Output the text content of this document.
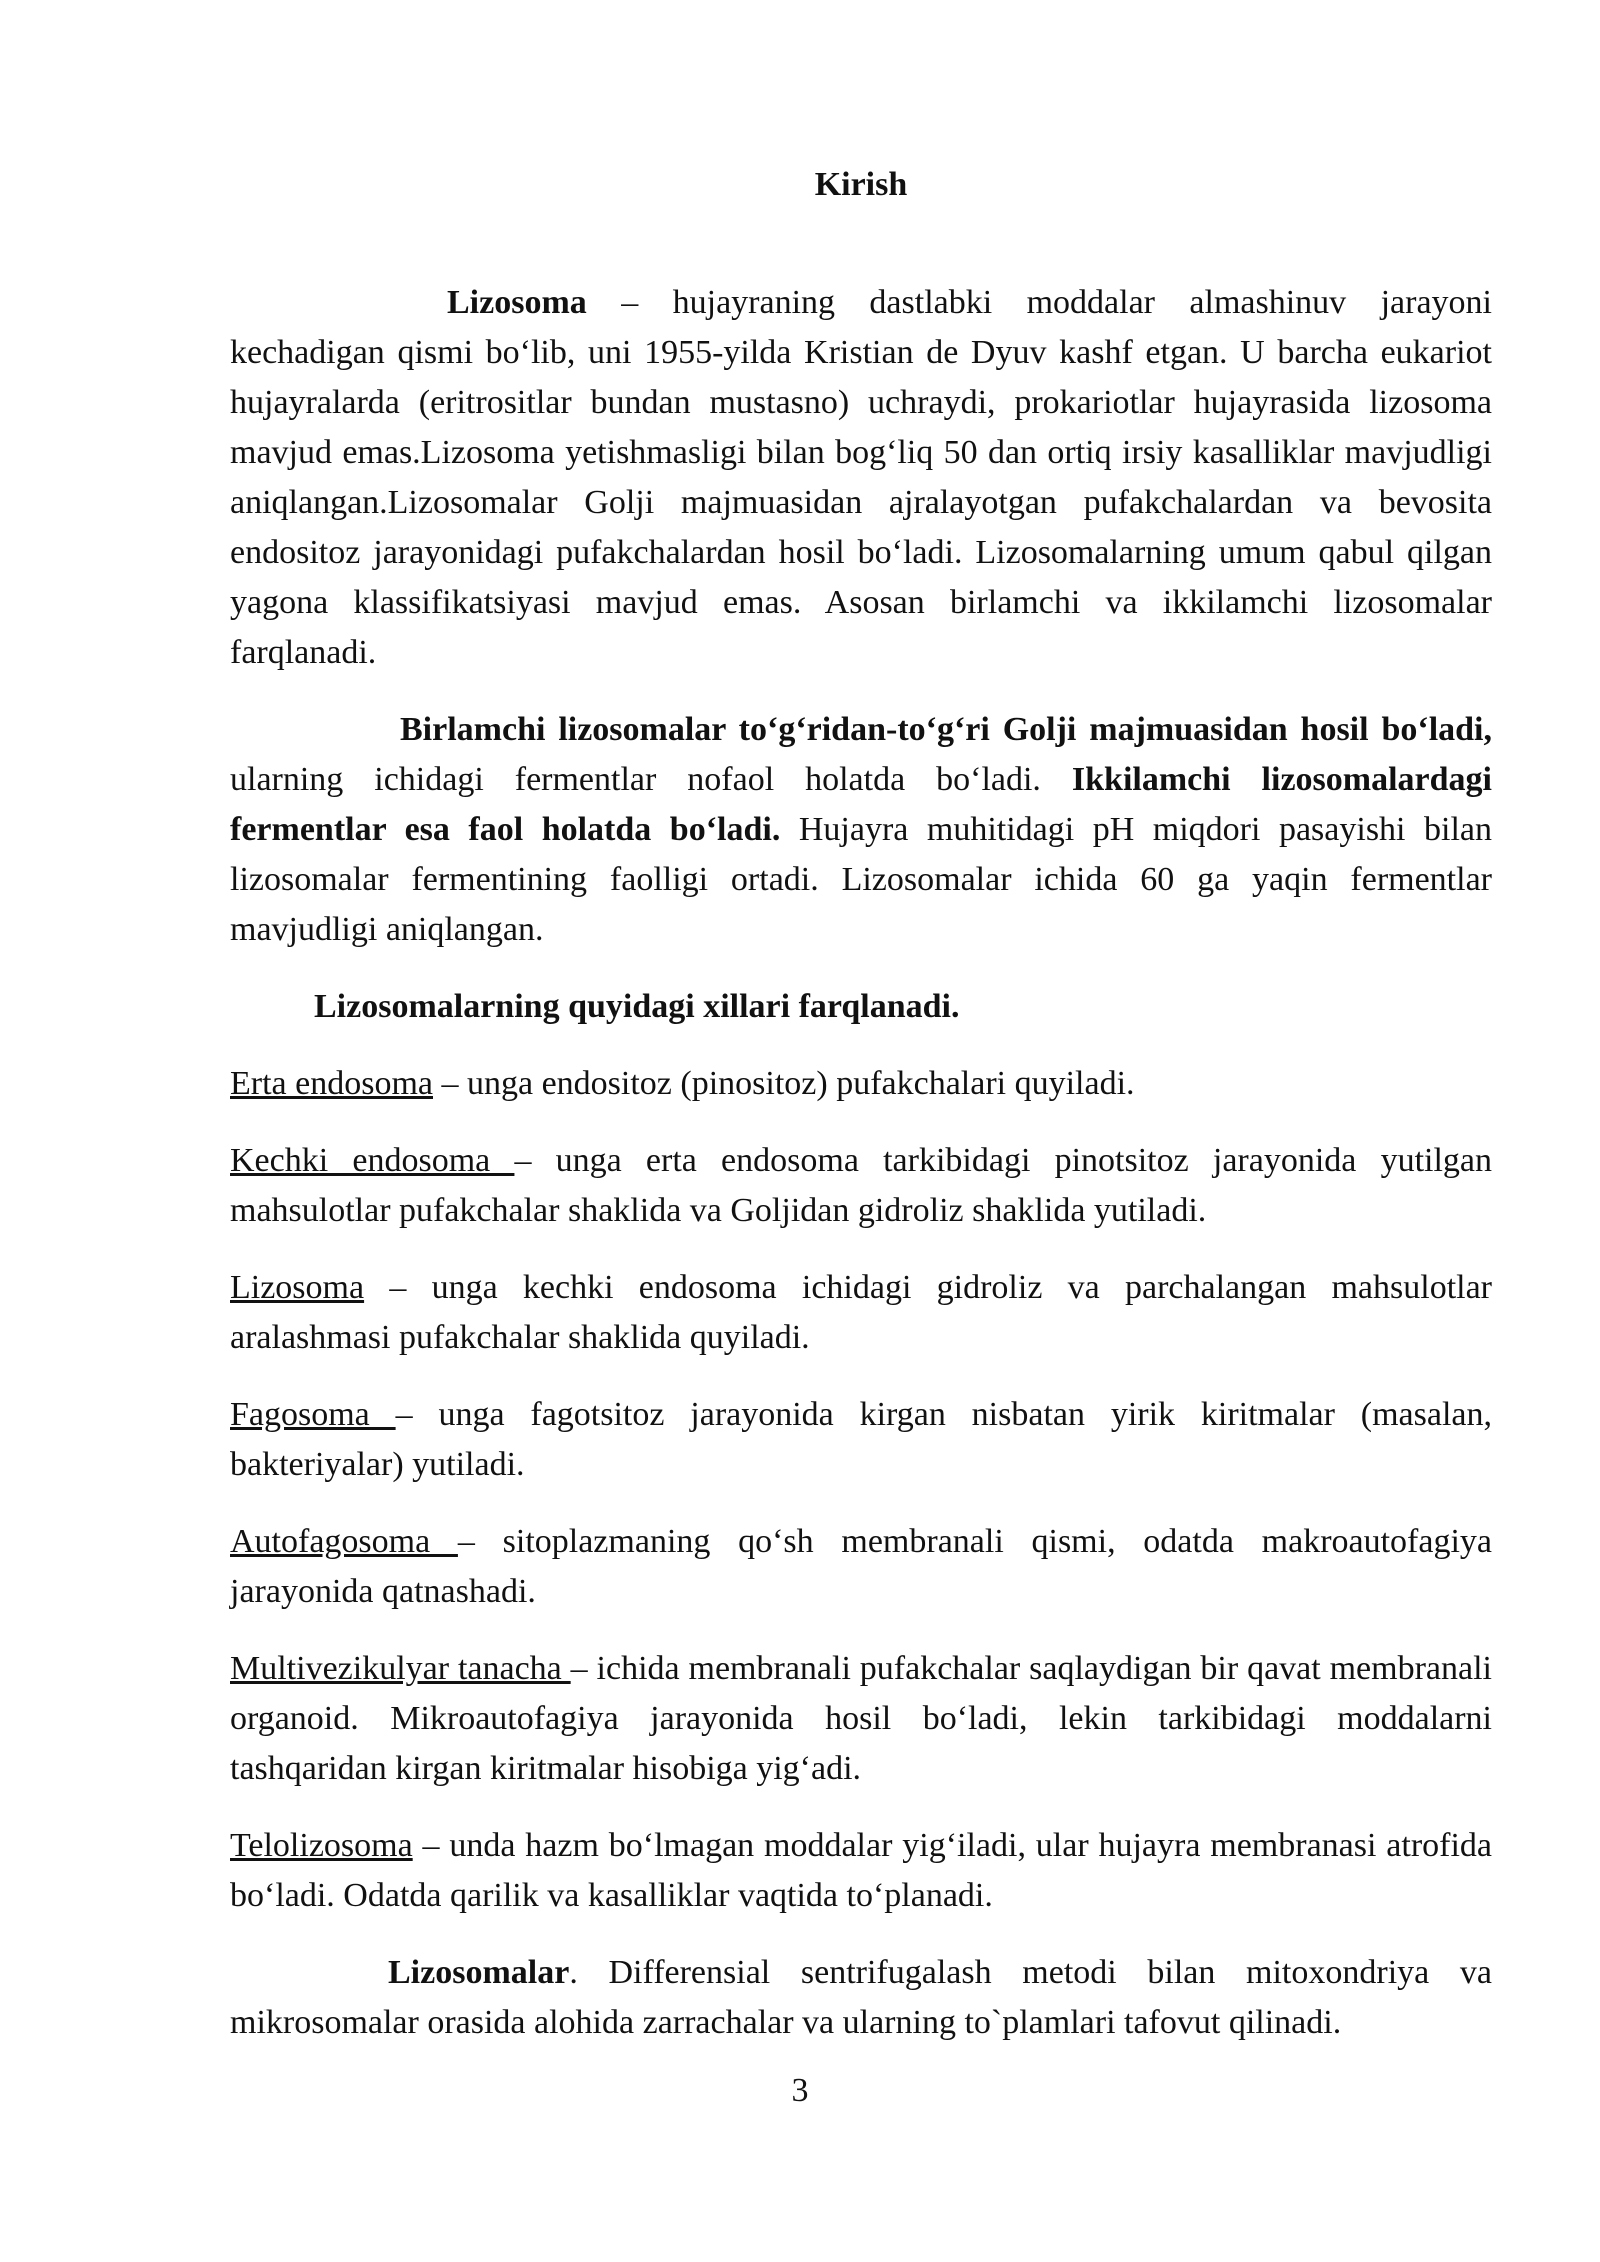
Kirish

Lizosoma – hujayraning dastlabki moddalar almashinuv jarayoni kechadigan qismi bo‘lib, uni 1955-yilda Kristian de Dyuv kashf etgan. U barcha eukariot hujayralarda (eritrositlar bundan mustasno) uchraydi, prokariotlar hujayrasida lizosoma mavjud emas.Lizosoma yetishmasligi bilan bog‘liq 50 dan ortiq irsiy kasalliklar mavjudligi aniqlangan.Lizosomalar Golji majmuasidan ajralayotgan pufakchalardan va bevosita endositoz jarayonidagi pufakchalardan hosil bo‘ladi. Lizosomalarning umum qabul qilgan yagona klassifikatsiyasi mavjud emas. Asosan birlamchi va ikkilamchi lizosomalar farqlanadi.

Birlamchi lizosomalar to‘g‘ridan-to‘g‘ri Golji majmuasidan hosil bo‘ladi, ularning ichidagi fermentlar nofaol holatda bo‘ladi. Ikkilamchi lizosomalardagi fermentlar esa faol holatda bo‘ladi. Hujayra muhitidagi pH miqdori pasayishi bilan lizosomalar fermentining faolligi ortadi. Lizosomalar ichida 60 ga yaqin fermentlar mavjudligi aniqlangan.

Lizosomalarning quyidagi xillari farqlanadi.

Erta endosoma – unga endositoz (pinositoz) pufakchalari quyiladi.

Kechki endosoma – unga erta endosoma tarkibidagi pinotsitoz jarayonida yutilgan mahsulotlar pufakchalar shaklida va Goljidan gidroliz shaklida yutiladi.

Lizosoma – unga kechki endosoma ichidagi gidroliz va parchalangan mahsulotlar aralashmasi pufakchalar shaklida quyiladi.

Fagosoma – unga fagotsitoz jarayonida kirgan nisbatan yirik kiritmalar (masalan, bakteriyalar) yutiladi.

Autofagosoma – sitoplazmaning qo‘sh membranali qismi, odatda makroautofagiya jarayonida qatnashadi.

Multivezikulyar tanacha – ichida membranali pufakchalar saqlaydigan bir qavat membranali organoid. Mikroautofagiya jarayonida hosil bo‘ladi, lekin tarkibidagi moddalarni tashqaridan kirgan kiritmalar hisobiga yig‘adi.

Telolizosoma – unda hazm bo‘lmagan moddalar yig‘iladi, ular hujayra membranasi atrofida bo‘ladi. Odatda qarilik va kasalliklar vaqtida to‘planadi.

Lizosomalar. Differensial sentrifugalash metodi bilan mitoxondriya va mikrosomalar orasida alohida zarrachalar va ularning to`plamlari tafovut qilinadi.

3
